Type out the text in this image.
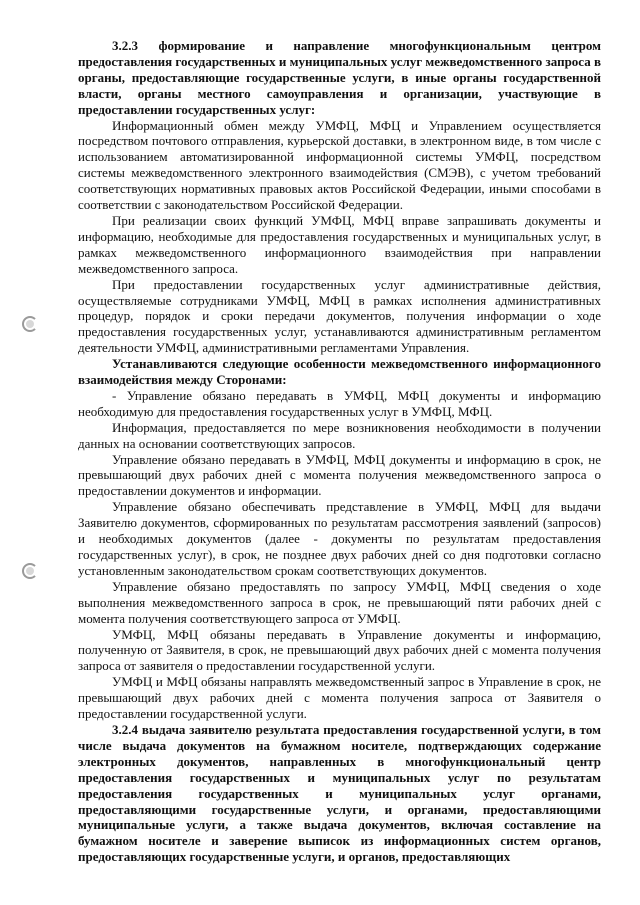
3.2.3 формирование и направление многофункциональным центром предоставления государственных и муниципальных услуг межведомственного запроса в органы, предоставляющие государственные услуги, в иные органы государственной власти, органы местного самоуправления и организации, участвующие в предоставлении государственных услуг:

Информационный обмен между УМФЦ, МФЦ и Управлением осуществляется посредством почтового отправления, курьерской доставки, в электронном виде, в том числе с использованием автоматизированной информационной системы УМФЦ, посредством системы межведомственного электронного взаимодействия (СМЭВ), с учетом требований соответствующих нормативных правовых актов Российской Федерации, иными способами в соответствии с законодательством Российской Федерации.

При реализации своих функций УМФЦ, МФЦ вправе запрашивать документы и информацию, необходимые для предоставления государственных и муниципальных услуг, в рамках межведомственного информационного взаимодействия при направлении межведомственного запроса.

При предоставлении государственных услуг административные действия, осуществляемые сотрудниками УМФЦ, МФЦ в рамках исполнения административных процедур, порядок и сроки передачи документов, получения информации о ходе предоставления государственных услуг, устанавливаются административным регламентом деятельности УМФЦ, административными регламентами Управления.

Устанавливаются следующие особенности межведомственного информационного взаимодействия между Сторонами:

- Управление обязано передавать в УМФЦ, МФЦ документы и информацию необходимую для предоставления государственных услуг в УМФЦ, МФЦ.

Информация, предоставляется по мере возникновения необходимости в получении данных на основании соответствующих запросов.

Управление обязано передавать в УМФЦ, МФЦ документы и информацию в срок, не превышающий двух рабочих дней с момента получения межведомственного запроса о предоставлении документов и информации.

Управление обязано обеспечивать представление в УМФЦ, МФЦ для выдачи Заявителю документов, сформированных по результатам рассмотрения заявлений (запросов) и необходимых документов (далее - документы по результатам предоставления государственных услуг), в срок, не позднее двух рабочих дней со дня подготовки согласно установленным законодательством срокам соответствующих документов.

Управление обязано предоставлять по запросу УМФЦ, МФЦ сведения о ходе выполнения межведомственного запроса в срок, не превышающий пяти рабочих дней с момента получения соответствующего запроса от УМФЦ.

УМФЦ, МФЦ обязаны передавать в Управление документы и информацию, полученную от Заявителя, в срок, не превышающий двух рабочих дней с момента получения запроса от заявителя о предоставлении государственной услуги.

УМФЦ и МФЦ обязаны направлять межведомственный запрос в Управление в срок, не превышающий двух рабочих дней с момента получения запроса от Заявителя о предоставлении государственной услуги.

3.2.4 выдача заявителю результата предоставления государственной услуги, в том числе выдача документов на бумажном носителе, подтверждающих содержание электронных документов, направленных в многофункциональный центр предоставления государственных и муниципальных услуг по результатам предоставления государственных и муниципальных услуг органами, предоставляющими государственные услуги, и органами, предоставляющими муниципальные услуги, а также выдача документов, включая составление на бумажном носителе и заверение выписок из информационных систем органов, предоставляющих государственные услуги, и органов, предоставляющих
